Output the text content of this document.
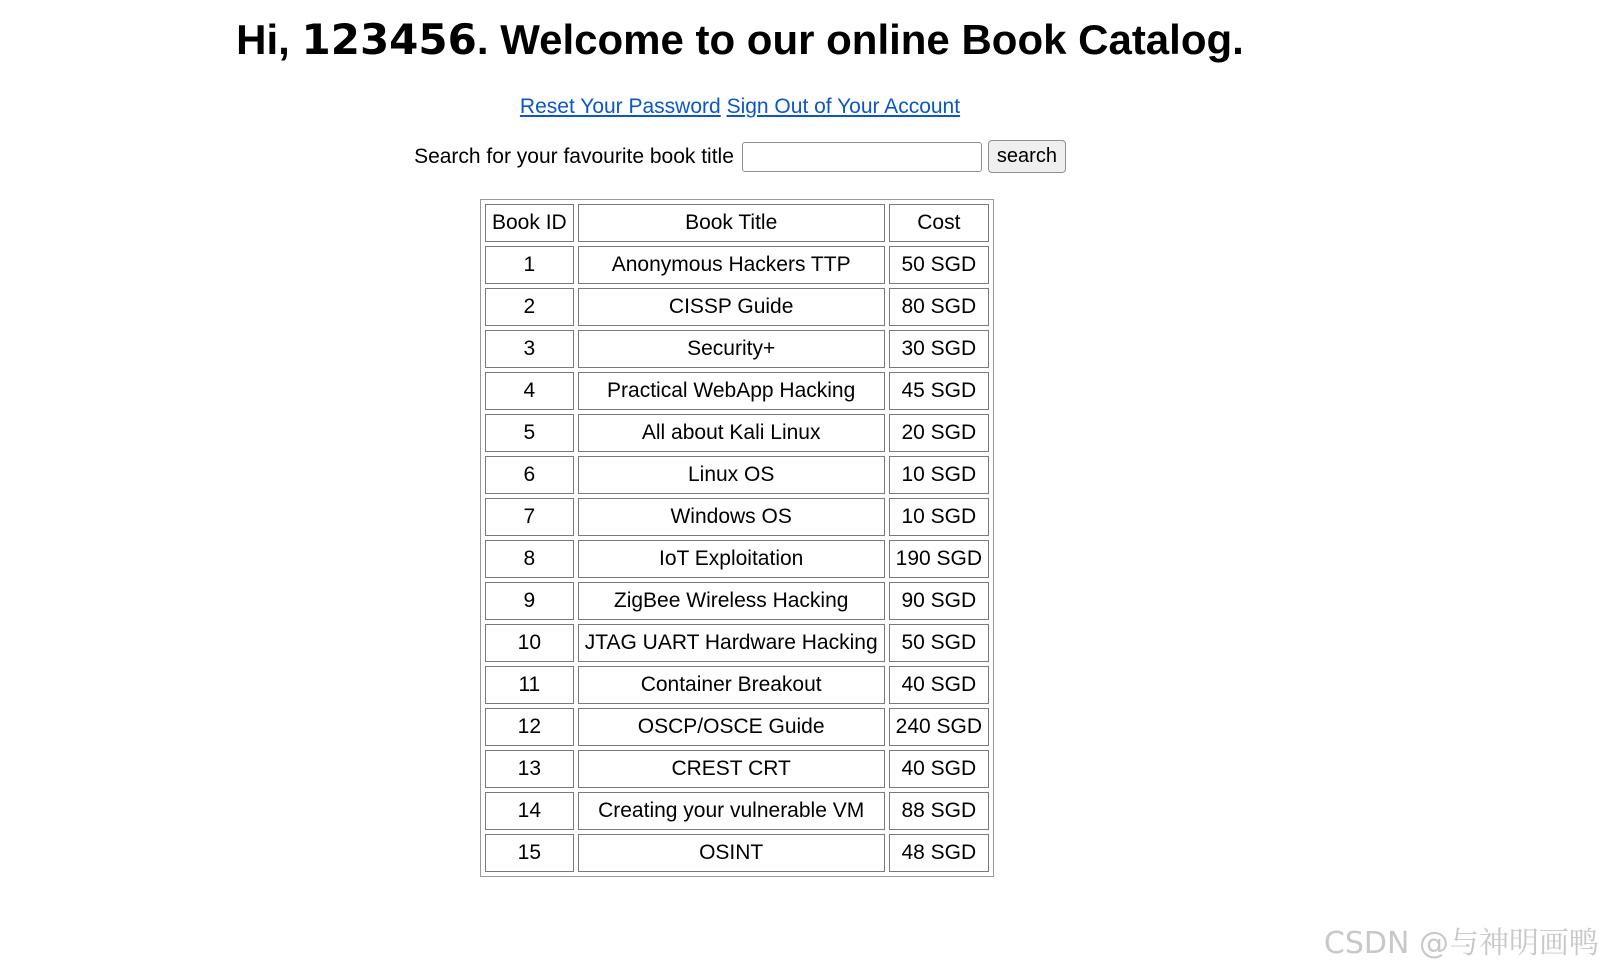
Hi, 123456. Welcome to our online Book Catalog.
Reset Your Password Sign Out of Your Account
Search for your favourite book title	search
Book ID	Book Title	Cost
1	Anonymous Hackers TTP	50 SGD
2	CISSP Guide	80 SGD
3	Security+	30 SGD
4	Practical WebApp Hacking	45 SGD
5	All about Kali Linux	20 SGD
6	Linux OS	10 SGD
7	Windows OS	10 SGD
8	IoT Exploitation	190 SGD
9	ZigBee Wireless Hacking	90 SGD
10	JTAG UART Hardware Hacking	50 SGD
11	Container Breakout	40 SGD
12	OSCP/OSCE Guide	240 SGD
13	CREST CRT	40 SGD
14	Creating your vulnerable VM	88 SGD
15	OSINT	48 SGD
CSDN @与神明画鸭
